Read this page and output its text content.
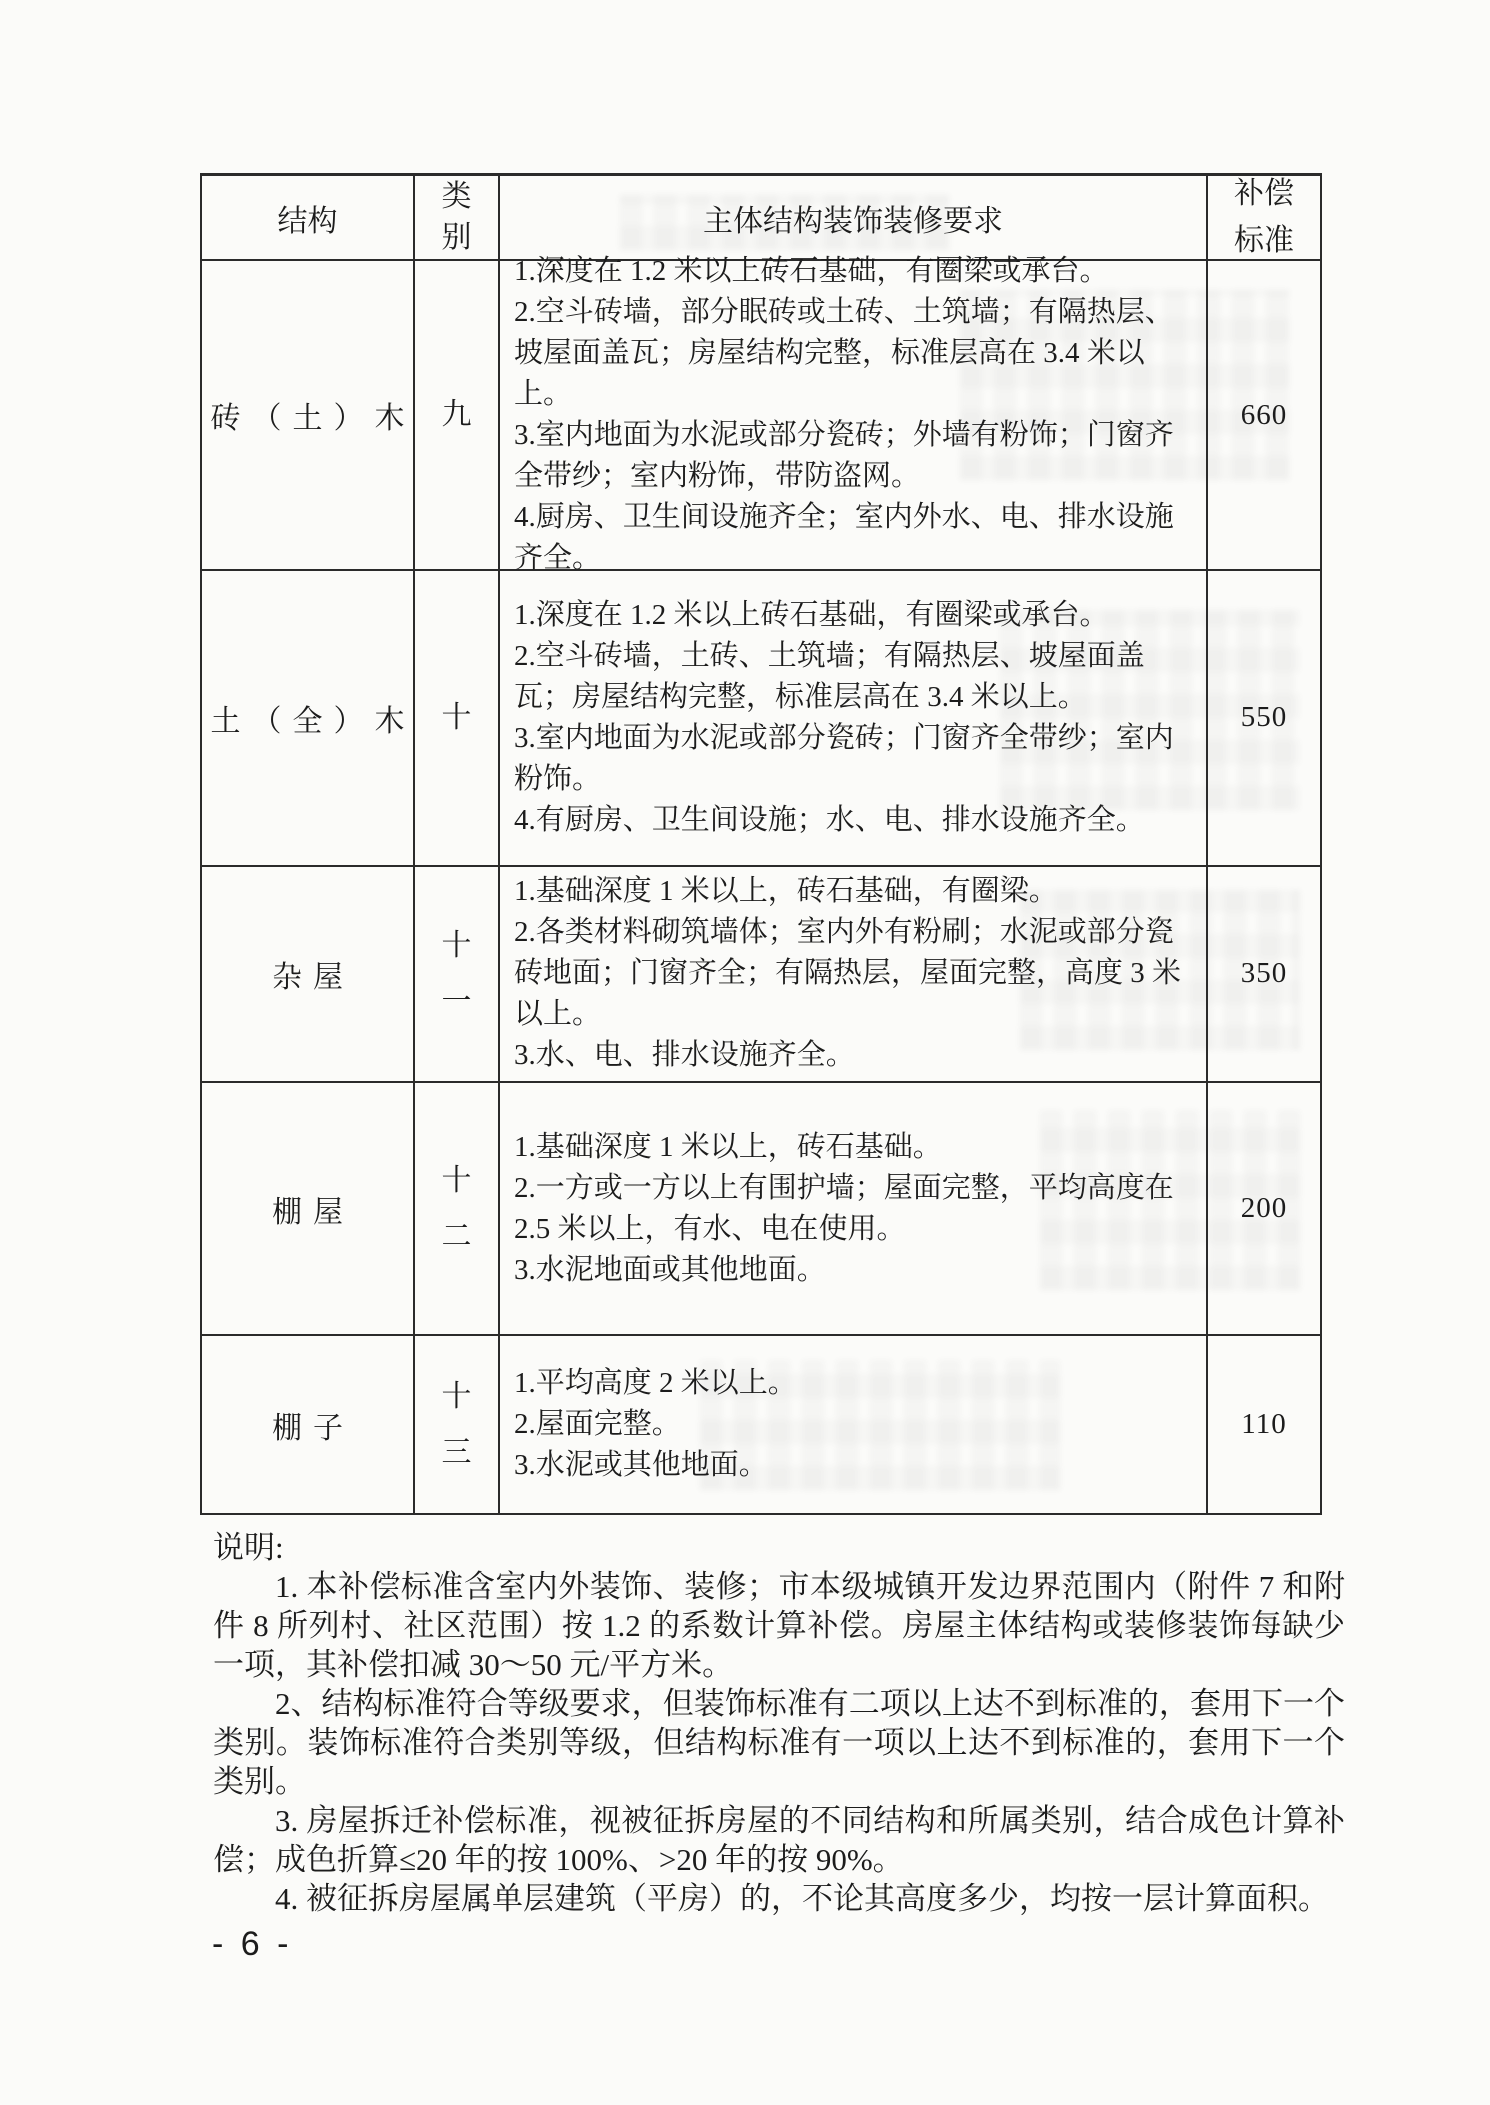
结构
类别	主体结构装饰装修要求
补偿标准
砖（土）木 九

1.深度在 1.2 米以上砖石基础，有圈梁或承台。

2.空斗砖墙，部分眠砖或土砖、土筑墙；有隔热层、坡屋面盖瓦；房屋结构完整，标准层高在 3.4 米以上。

3.室内地面为水泥或部分瓷砖；外墙有粉饰；门窗齐全带纱；室内粉饰，带防盗网。

4.厨房、卫生间设施齐全；室内外水、电、排水设施齐全。

660
土（全）木 十

1.深度在 1.2 米以上砖石基础，有圈梁或承台。

2.空斗砖墙，土砖、土筑墙；有隔热层、坡屋面盖瓦；房屋结构完整，标准层高在 3.4 米以上。

3.室内地面为水泥或部分瓷砖；门窗齐全带纱；室内粉饰。

4.有厨房、卫生间设施；水、电、排水设施齐全。

550
杂屋
十一

1.基础深度 1 米以上，砖石基础，有圈梁。

2.各类材料砌筑墙体；室内外有粉刷；水泥或部分瓷砖地面；门窗齐全；有隔热层，屋面完整，高度 3 米以上。

3.水、电、排水设施齐全。

350
棚屋
十二

1.基础深度 1 米以上，砖石基础。

2.一方或一方以上有围护墙；屋面完整，平均高度在 2.5 米以上，有水、电在使用。

3.水泥地面或其他地面。

200
棚子
十三

1.平均高度 2 米以上。

2.屋面完整。

3.水泥或其他地面。

110

说明:

1. 本补偿标准含室内外装饰、装修；市本级城镇开发边界范围内（附件 7 和附件 8 所列村、社区范围）按 1.2 的系数计算补偿。房屋主体结构或装修装饰每缺少一项，其补偿扣减 30～50 元/平方米。

2、结构标准符合等级要求，但装饰标准有二项以上达不到标准的，套用下一个类别。装饰标准符合类别等级，但结构标准有一项以上达不到标准的，套用下一个类别。

3. 房屋拆迁补偿标准，视被征拆房屋的不同结构和所属类别，结合成色计算补偿；成色折算≤20 年的按 100%、>20 年的按 90%。

4. 被征拆房屋属单层建筑（平房）的，不论其高度多少，均按一层计算面积。

- 6 -
